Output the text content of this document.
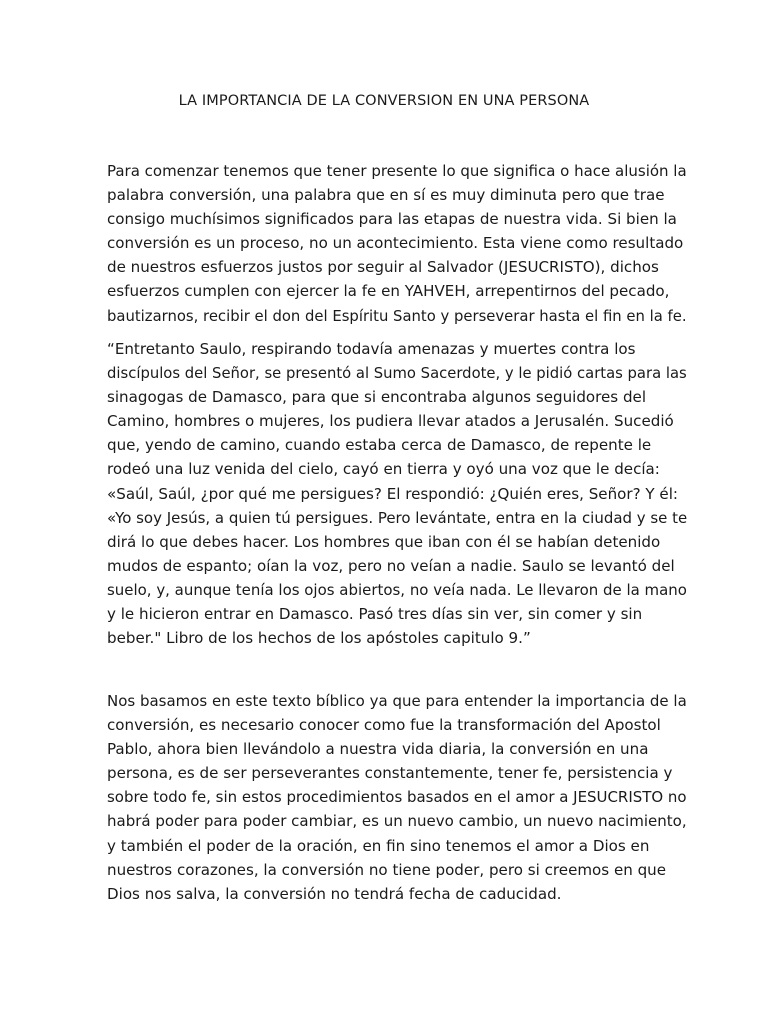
LA IMPORTANCIA DE LA CONVERSION EN UNA PERSONA

Para comenzar tenemos que tener presente lo que significa o hace alusión la
palabra conversión, una palabra que en sí es muy diminuta pero que trae
consigo muchísimos significados para las etapas de nuestra vida. Si bien la
conversión es un proceso, no un acontecimiento. Esta viene como resultado
de nuestros esfuerzos justos por seguir al Salvador (JESUCRISTO), dichos
esfuerzos cumplen con ejercer la fe en YAHVEH, arrepentirnos del pecado,
bautizarnos, recibir el don del Espíritu Santo y perseverar hasta el fin en la fe.

“Entretanto Saulo, respirando todavía amenazas y muertes contra los
discípulos del Señor, se presentó al Sumo Sacerdote, y le pidió cartas para las
sinagogas de Damasco, para que si encontraba algunos seguidores del
Camino, hombres o mujeres, los pudiera llevar atados a Jerusalén. Sucedió
que, yendo de camino, cuando estaba cerca de Damasco, de repente le
rodeó una luz venida del cielo, cayó en tierra y oyó una voz que le decía:
«Saúl, Saúl, ¿por qué me persigues? El respondió: ¿Quién eres, Señor? Y él:
«Yo soy Jesús, a quien tú persigues. Pero levántate, entra en la ciudad y se te
dirá lo que debes hacer. Los hombres que iban con él se habían detenido
mudos de espanto; oían la voz, pero no veían a nadie. Saulo se levantó del
suelo, y, aunque tenía los ojos abiertos, no veía nada. Le llevaron de la mano
y le hicieron entrar en Damasco. Pasó tres días sin ver, sin comer y sin
beber." Libro de los hechos de los apóstoles capitulo 9.”

Nos basamos en este texto bíblico ya que para entender la importancia de la
conversión, es necesario conocer como fue la transformación del Apostol
Pablo, ahora bien llevándolo a nuestra vida diaria, la conversión en una
persona, es de ser perseverantes constantemente, tener fe, persistencia y
sobre todo fe, sin estos procedimientos basados en el amor a JESUCRISTO no
habrá poder para poder cambiar, es un nuevo cambio, un nuevo nacimiento,
y también el poder de la oración, en fin sino tenemos el amor a Dios en
nuestros corazones, la conversión no tiene poder, pero si creemos en que
Dios nos salva, la conversión no tendrá fecha de caducidad.
